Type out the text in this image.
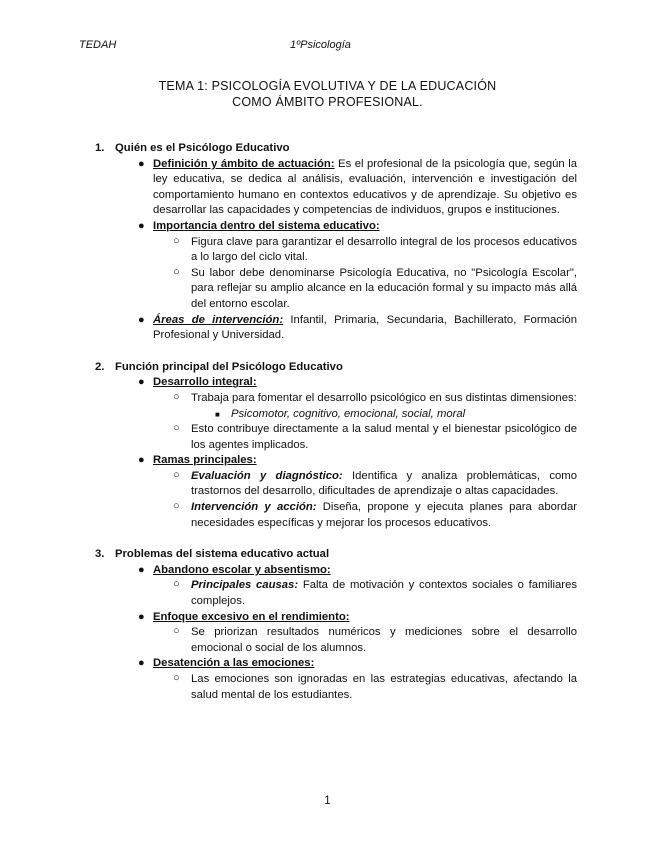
TEDAH	1ºPsicología
TEMA 1: PSICOLOGÍA EVOLUTIVA Y DE LA EDUCACIÓN
COMO ÁMBITO PROFESIONAL.
1. Quién es el Psicólogo Educativo
● Definición y ámbito de actuación: Es el profesional de la psicología que, según la ley educativa, se dedica al análisis, evaluación, intervención e investigación del comportamiento humano en contextos educativos y de aprendizaje. Su objetivo es desarrollar las capacidades y competencias de individuos, grupos e instituciones.
● Importancia dentro del sistema educativo:
○ Figura clave para garantizar el desarrollo integral de los procesos educativos a lo largo del ciclo vital.
○ Su labor debe denominarse Psicología Educativa, no "Psicología Escolar", para reflejar su amplio alcance en la educación formal y su impacto más allá del entorno escolar.
● Áreas de intervención: Infantil, Primaria, Secundaria, Bachillerato, Formación Profesional y Universidad.
2. Función principal del Psicólogo Educativo
● Desarrollo integral:
○ Trabaja para fomentar el desarrollo psicológico en sus distintas dimensiones:
■ Psicomotor, cognitivo, emocional, social, moral
○ Esto contribuye directamente a la salud mental y el bienestar psicológico de los agentes implicados.
● Ramas principales:
○ Evaluación y diagnóstico: Identifica y analiza problemáticas, como trastornos del desarrollo, dificultades de aprendizaje o altas capacidades.
○ Intervención y acción: Diseña, propone y ejecuta planes para abordar necesidades específicas y mejorar los procesos educativos.
3. Problemas del sistema educativo actual
● Abandono escolar y absentismo:
○ Principales causas: Falta de motivación y contextos sociales o familiares complejos.
● Enfoque excesivo en el rendimiento:
○ Se priorizan resultados numéricos y mediciones sobre el desarrollo emocional o social de los alumnos.
● Desatención a las emociones:
○ Las emociones son ignoradas en las estrategias educativas, afectando la salud mental de los estudiantes.
1
